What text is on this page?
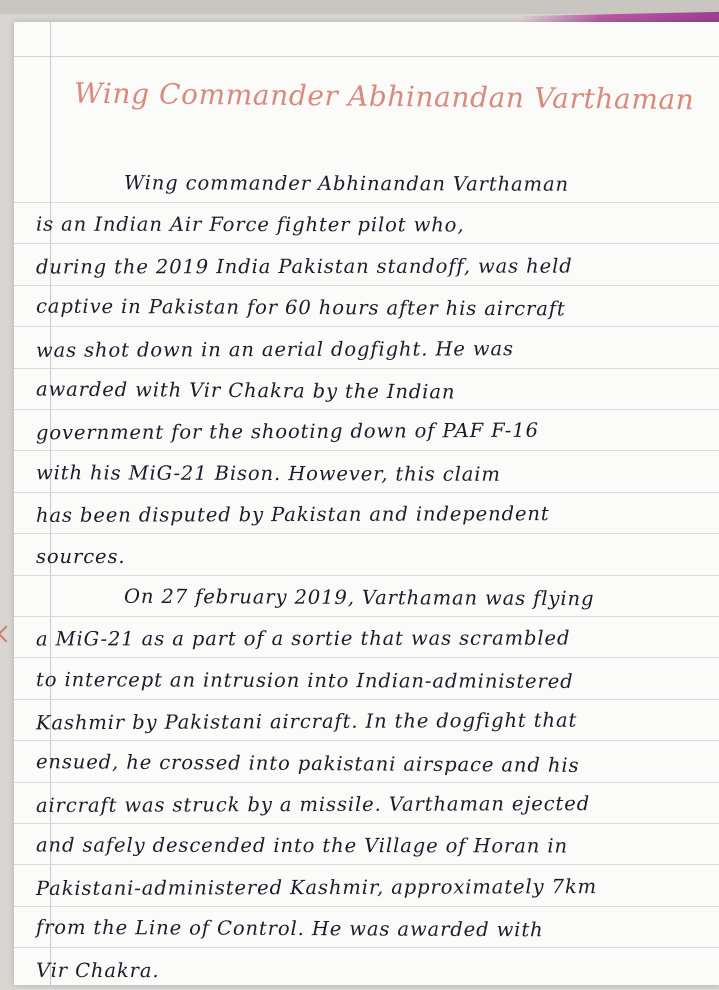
Wing Commander Abhinandan Varthaman
Wing commander Abhinandan Varthaman
is an Indian Air Force fighter pilot who,
during the 2019 India Pakistan standoff, was held
captive in Pakistan for 60 hours after his aircraft
was shot down in an aerial dogfight. He was
awarded with Vir Chakra by the Indian
government for the shooting down of PAF F-16
with his MiG-21 Bison. However, this claim
has been disputed by Pakistan and independent
sources.
On 27 february 2019, Varthaman was flying
a MiG-21 as a part of a sortie that was scrambled
to intercept an intrusion into Indian-administered
Kashmir by Pakistani aircraft. In the dogfight that
ensued, he crossed into pakistani airspace and his
aircraft was struck by a missile. Varthaman ejected
and safely descended into the Village of Horan in
Pakistani-administered Kashmir, approximately 7km
from the Line of Control. He was awarded with
Vir Chakra.
